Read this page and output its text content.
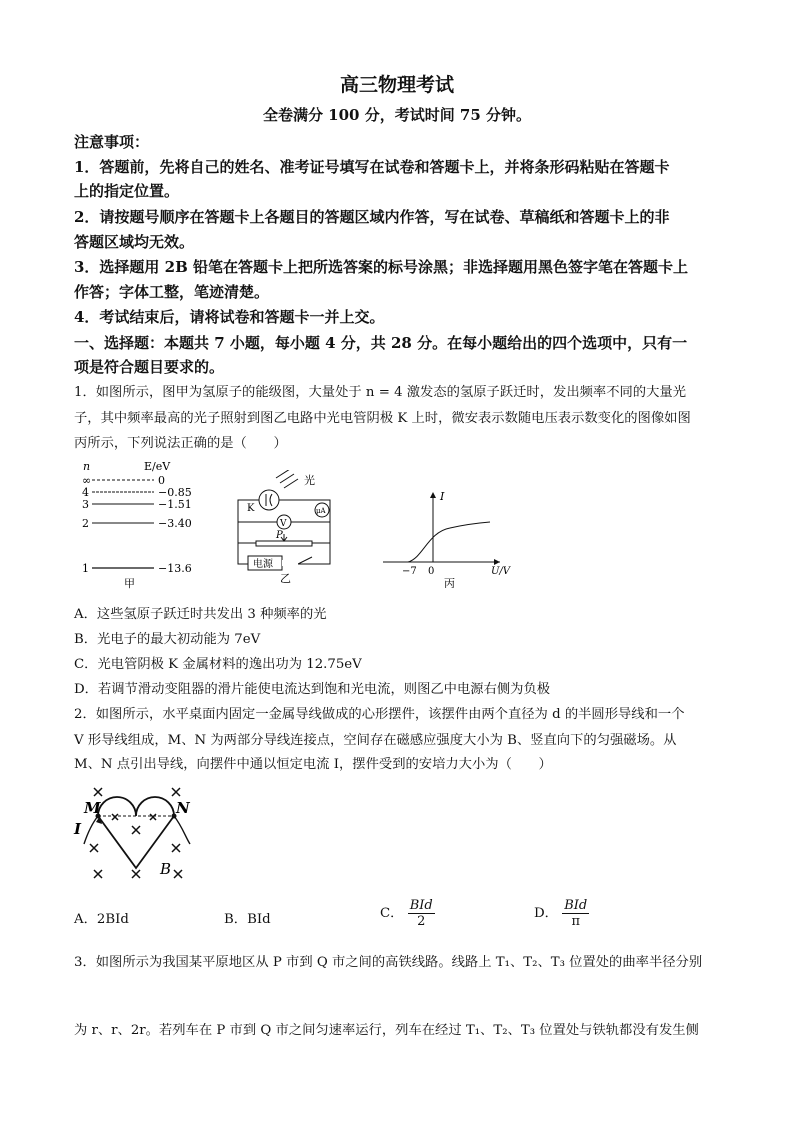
高三物理考试
全卷满分 100 分，考试时间 75 分钟。
注意事项：
1．答题前，先将自己的姓名、准考证号填写在试卷和答题卡上，并将条形码粘贴在答题卡
上的指定位置。
2．请按题号顺序在答题卡上各题目的答题区域内作答，写在试卷、草稿纸和答题卡上的非
答题区域均无效。
3．选择题用 2B 铅笔在答题卡上把所选答案的标号涂黑；非选择题用黑色签字笔在答题卡上
作答；字体工整，笔迹清楚。
4．考试结束后，请将试卷和答题卡一并上交。
一、选择题：本题共 7 小题，每小题 4 分，共 28 分。在每小题给出的四个选项中，只有一
项是符合题目要求的。
1．如图所示，图甲为氢原子的能级图，大量处于 n = 4 激发态的氢原子跃迁时，发出频率不同的大量光
子，其中频率最高的光子照射到图乙电路中光电管阴极 K 上时，微安表示数随电压表示数变化的图像如图
丙所示，下列说法正确的是（　　）
n	E/eV
∞	0
4	−0.85
3	−1.51
2	−3.40
1	−13.6
甲
光
K	μA
V
P
电源
乙
I
−7 0	U/V
丙
A．这些氢原子跃迁时共发出 3 种频率的光
B．光电子的最大初动能为 7eV
C．光电管阴极 K 金属材料的逸出功为 12.75eV
D．若调节滑动变阻器的滑片能使电流达到饱和光电流，则图乙中电源右侧为负极
2．如图所示，水平桌面内固定一金属导线做成的心形摆件，该摆件由两个直径为 d 的半圆形导线和一个
V 形导线组成，M、N 为两部分导线连接点，空间存在磁感应强度大小为 B、竖直向下的匀强磁场。从
M、N 点引出导线，向摆件中通以恒定电流 I，摆件受到的安培力大小为（　　）
M	N
I
B
A．2BId	B．BId	C． $\frac{\text{BId}}{2}$	D． $\frac{\text{BId}}{\pi}$
3．如图所示为我国某平原地区从 P 市到 Q 市之间的高铁线路。线路上 T₁、T₂、T₃ 位置处的曲率半径分别
为 r、r、2r。若列车在 P 市到 Q 市之间匀速率运行，列车在经过 T₁、T₂、T₃ 位置处与铁轨都没有发生侧
